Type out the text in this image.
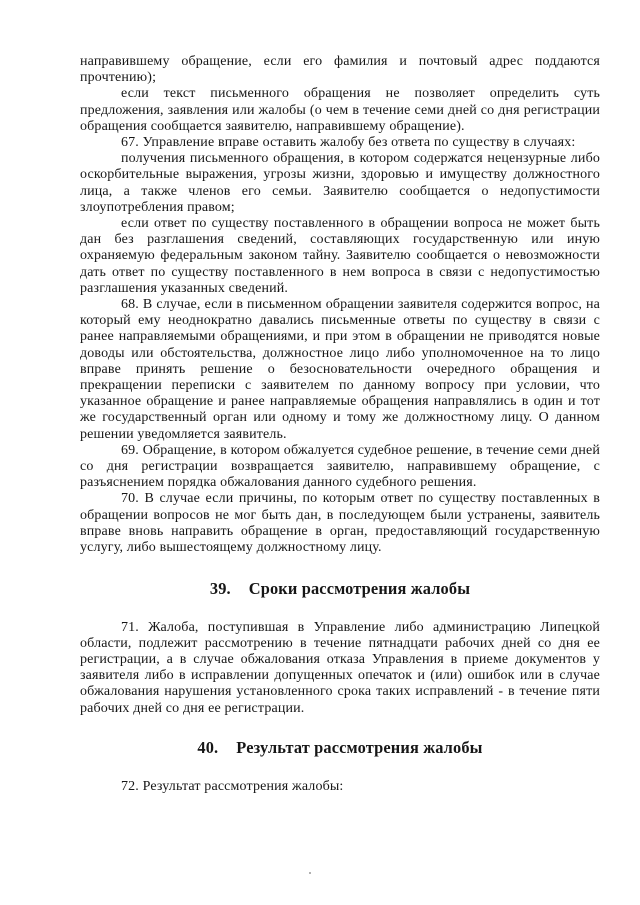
направившему обращение, если его фамилия и почтовый адрес поддаются прочтению);

если текст письменного обращения не позволяет определить суть предложения, заявления или жалобы (о чем в течение семи дней со дня регистрации обращения сообщается заявителю, направившему обращение).

67. Управление вправе оставить жалобу без ответа по существу в случаях:

получения письменного обращения, в котором содержатся нецензурные либо оскорбительные выражения, угрозы жизни, здоровью и имуществу должностного лица, а также членов его семьи. Заявителю сообщается о недопустимости злоупотребления правом;

если ответ по существу поставленного в обращении вопроса не может быть дан без разглашения сведений, составляющих государственную или иную охраняемую федеральным законом тайну. Заявителю сообщается о невозможности дать ответ по существу поставленного в нем вопроса в связи с недопустимостью разглашения указанных сведений.

68. В случае, если в письменном обращении заявителя содержится вопрос, на который ему неоднократно давались письменные ответы по существу в связи с ранее направляемыми обращениями, и при этом в обращении не приводятся новые доводы или обстоятельства, должностное лицо либо уполномоченное на то лицо вправе принять решение о безосновательности очередного обращения и прекращении переписки с заявителем по данному вопросу при условии, что указанное обращение и ранее направляемые обращения направлялись в один и тот же государственный орган или одному и тому же должностному лицу. О данном решении уведомляется заявитель.

69. Обращение, в котором обжалуется судебное решение, в течение семи дней со дня регистрации возвращается заявителю, направившему обращение, с разъяснением порядка обжалования данного судебного решения.

70. В случае если причины, по которым ответ по существу поставленных в обращении вопросов не мог быть дан, в последующем были устранены, заявитель вправе вновь направить обращение в орган, предоставляющий государственную услугу, либо вышестоящему должностному лицу.

39. Сроки рассмотрения жалобы

71. Жалоба, поступившая в Управление либо администрацию Липецкой области, подлежит рассмотрению в течение пятнадцати рабочих дней со дня ее регистрации, а в случае обжалования отказа Управления в приеме документов у заявителя либо в исправлении допущенных опечаток и (или) ошибок или в случае обжалования нарушения установленного срока таких исправлений - в течение пяти рабочих дней со дня ее регистрации.

40. Результат рассмотрения жалобы

72. Результат рассмотрения жалобы:
